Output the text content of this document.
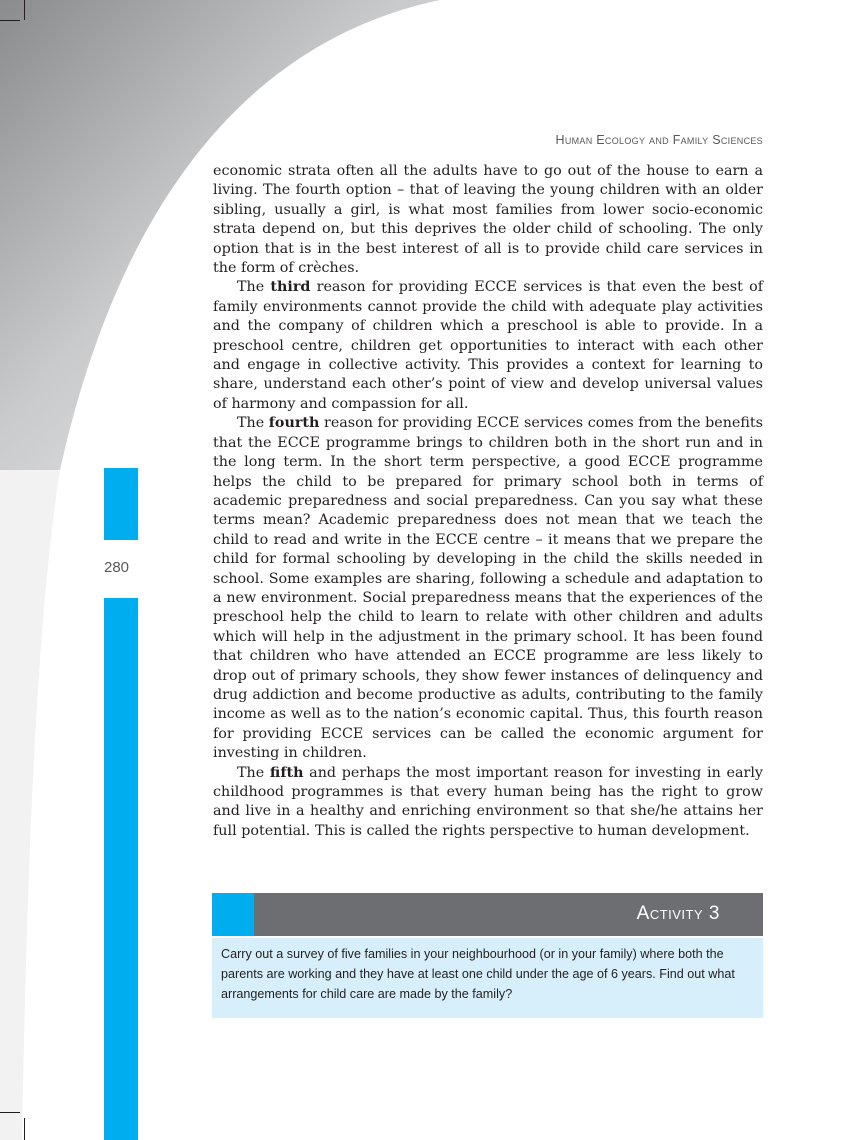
Human Ecology and Family Sciences
280

economic strata often all the adults have to go out of the house to earn a living. The fourth option – that of leaving the young children with an older sibling, usually a girl, is what most families from lower socio-economic strata depend on, but this deprives the older child of schooling. The only option that is in the best interest of all is to provide child care services in the form of crèches.

The third reason for providing ECCE services is that even the best of family environments cannot provide the child with adequate play activities and the company of children which a preschool is able to provide. In a preschool centre, children get opportunities to interact with each other and engage in collective activity. This provides a context for learning to share, understand each other’s point of view and develop universal values of harmony and compassion for all.

The fourth reason for providing ECCE services comes from the benefits that the ECCE programme brings to children both in the short run and in the long term. In the short term perspective, a good ECCE programme helps the child to be prepared for primary school both in terms of academic preparedness and social preparedness. Can you say what these terms mean? Academic preparedness does not mean that we teach the child to read and write in the ECCE centre – it means that we prepare the child for formal schooling by developing in the child the skills needed in school. Some examples are sharing, following a schedule and adaptation to a new environment. Social preparedness means that the experiences of the preschool help the child to learn to relate with other children and adults which will help in the adjustment in the primary school. It has been found that children who have attended an ECCE programme are less likely to drop out of primary schools, they show fewer instances of delinquency and drug addiction and become productive as adults, contributing to the family income as well as to the nation’s economic capital. Thus, this fourth reason for providing ECCE services can be called the economic argument for investing in children.

The fifth and perhaps the most important reason for investing in early childhood programmes is that every human being has the right to grow and live in a healthy and enriching environment so that she/he attains her full potential. This is called the rights perspective to human development.

Activity 3
Carry out a survey of five families in your neighbourhood (or in your family) where both the parents are working and they have at least one child under the age of 6 years. Find out what arrangements for child care are made by the family?
